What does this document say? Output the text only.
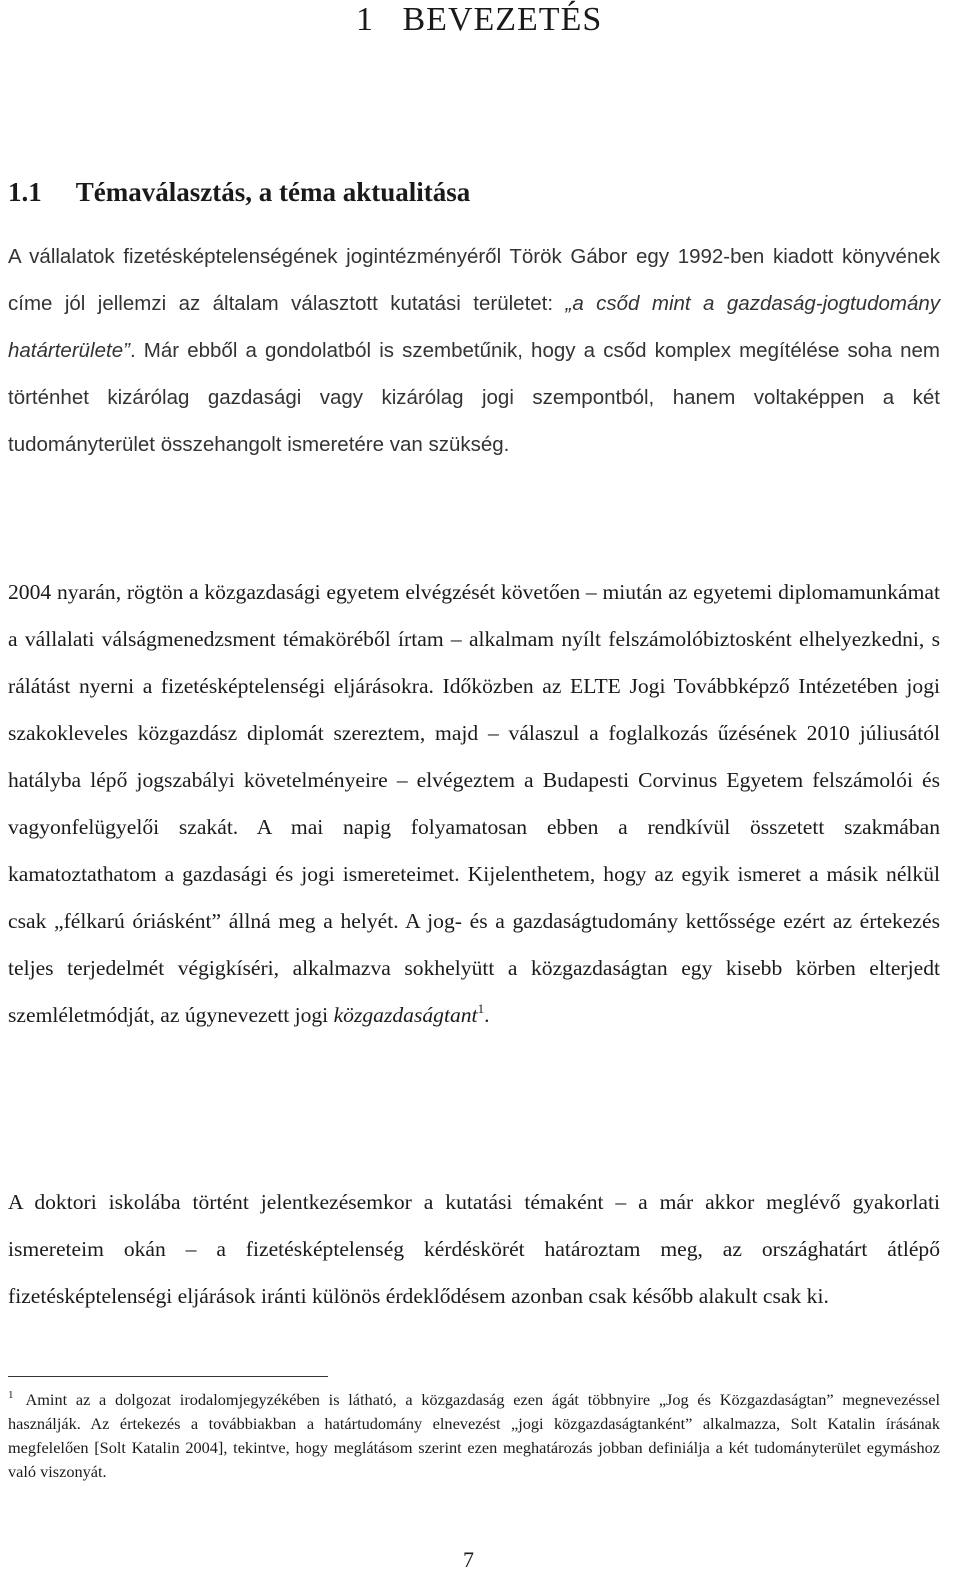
1 BEVEZETÉS
1.1 Témaválasztás, a téma aktualitása

A vállalatok fizetésképtelenségének jogintézményéről Török Gábor egy 1992-ben kiadott könyvének címe jól jellemzi az általam választott kutatási területet: „a csőd mint a gazdaság-jogtudomány határterülete”. Már ebből a gondolatból is szembetűnik, hogy a csőd komplex megítélése soha nem történhet kizárólag gazdasági vagy kizárólag jogi szempontból, hanem voltaképpen a két tudományterület összehangolt ismeretére van szükség.

2004 nyarán, rögtön a közgazdasági egyetem elvégzését követően – miután az egyetemi diplomamunkámat a vállalati válságmenedzsment témaköréből írtam – alkalmam nyílt felszámolóbiztosként elhelyezkedni, s rálátást nyerni a fizetésképtelenségi eljárásokra. Időközben az ELTE Jogi Továbbképző Intézetében jogi szakokleveles közgazdász diplomát szereztem, majd – válaszul a foglalkozás űzésének 2010 júliusától hatályba lépő jogszabályi követelményeire – elvégeztem a Budapesti Corvinus Egyetem felszámolói és vagyonfelügyelői szakát. A mai napig folyamatosan ebben a rendkívül összetett szakmában kamatoztathatom a gazdasági és jogi ismereteimet. Kijelenthetem, hogy az egyik ismeret a másik nélkül csak „félkarú óriásként” állná meg a helyét. A jog- és a gazdaságtudomány kettőssége ezért az értekezés teljes terjedelmét végigkíséri, alkalmazva sokhelyütt a közgazdaságtan egy kisebb körben elterjedt szemléletmódját, az úgynevezett jogi közgazdaságtant$^1$.

A doktori iskolába történt jelentkezésemkor a kutatási témaként – a már akkor meglévő gyakorlati ismereteim okán – a fizetésképtelenség kérdéskörét határoztam meg, az országhatárt átlépő fizetésképtelenségi eljárások iránti különös érdeklődésem azonban csak később alakult csak ki.

$^1$ Amint az a dolgozat irodalomjegyzékében is látható, a közgazdaság ezen ágát többnyire „Jog és Közgazdaságtan” megnevezéssel használják. Az értekezés a továbbiakban a határtudomány elnevezést „jogi közgazdaságtanként” alkalmazza, Solt Katalin írásának megfelelően [Solt Katalin 2004], tekintve, hogy meglátásom szerint ezen meghatározás jobban definiálja a két tudományterület egymáshoz való viszonyát.

7
